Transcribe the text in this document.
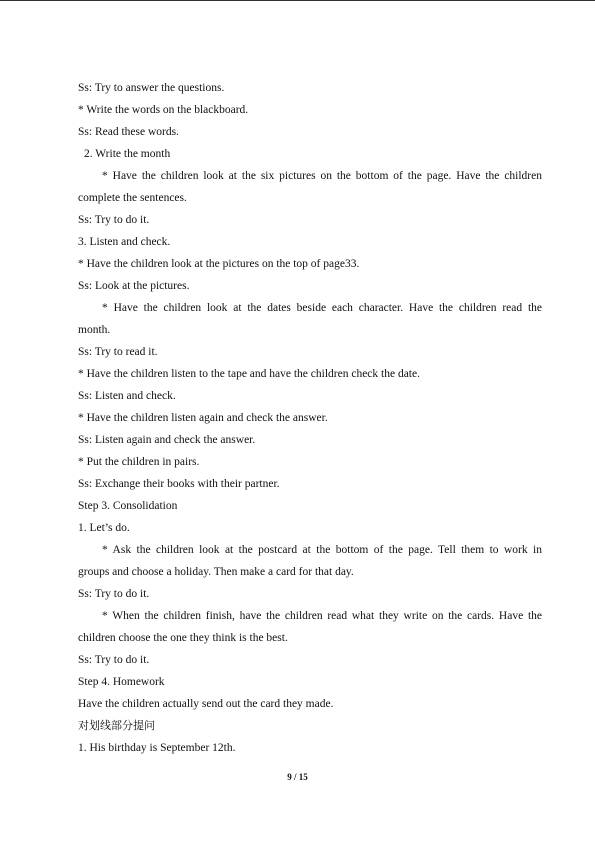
Ss: Try to answer the questions.
* Write the words on the blackboard.
Ss: Read these words.
2. Write the month
* Have the children look at the six pictures on the bottom of the page. Have the children
complete the sentences.
Ss: Try to do it.
3. Listen and check.
* Have the children look at the pictures on the top of page33.
Ss: Look at the pictures.
* Have the children look at the dates beside each character. Have the children read the
month.
Ss: Try to read it.
* Have the children listen to the tape and have the children check the date.
Ss: Listen and check.
* Have the children listen again and check the answer.
Ss: Listen again and check the answer.
* Put the children in pairs.
Ss: Exchange their books with their partner.
Step 3. Consolidation
1. Let’s do.
* Ask the children look at the postcard at the bottom of the page. Tell them to work in
groups and choose a holiday. Then make a card for that day.
Ss: Try to do it.
* When the children finish, have the children read what they write on the cards. Have the
children choose the one they think is the best.
Ss: Try to do it.
Step 4. Homework
Have the children actually send out the card they made.
对划线部分提问
1. His birthday is September 12th.
9 / 15
